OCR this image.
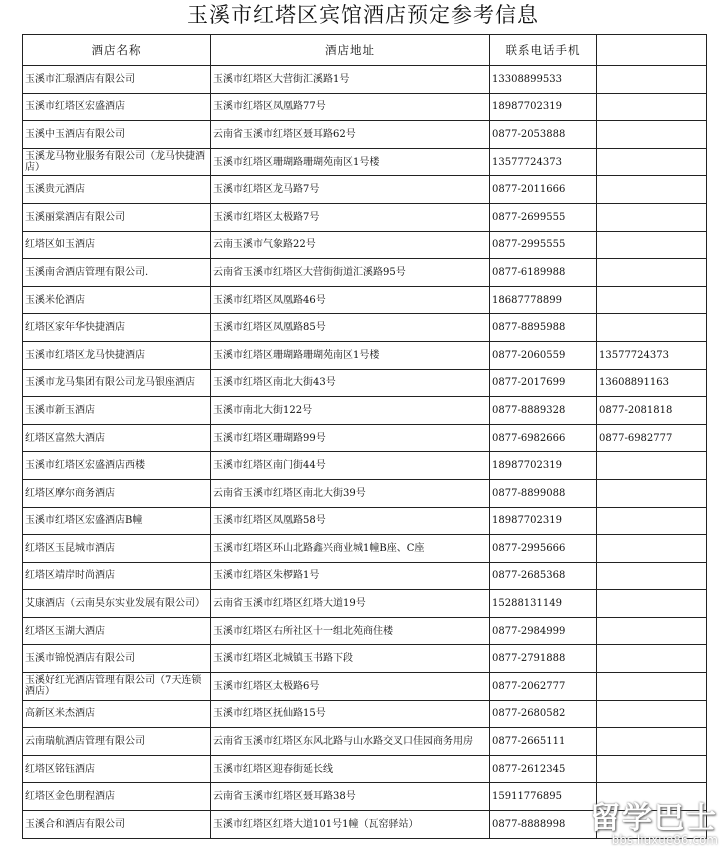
玉溪市红塔区宾馆酒店预定参考信息
酒店名称	酒店地址	联系电话手机	
玉溪市汇璟酒店有限公司	玉溪市红塔区大营街汇溪路1号	13308899533	
玉溪市红塔区宏盛酒店	玉溪市红塔区凤凰路77号	18987702319	
玉溪中玉酒店有限公司	云南省玉溪市红塔区聂耳路62号	0877-2053888	
玉溪龙马物业服务有限公司（龙马快捷酒店）	玉溪市红塔区珊瑚路珊瑚苑南区1号楼	13577724373	
玉溪贵元酒店	玉溪市红塔区龙马路7号	0877-2011666	
玉溪丽棠酒店有限公司	玉溪市红塔区太极路7号	0877-2699555	
红塔区如玉酒店	云南玉溪市气象路22号	0877-2995555	
玉溪南舍酒店管理有限公司.	云南省玉溪市红塔区大营街街道汇溪路95号	0877-6189988	
玉溪米伦酒店	玉溪市红塔区凤凰路46号	18687778899	
红塔区家年华快捷酒店	玉溪市红塔区凤凰路85号	0877-8895988	
玉溪市红塔区龙马快捷酒店	玉溪市红塔区珊瑚路珊瑚苑南区1号楼	0877-2060559	13577724373
玉溪市龙马集团有限公司龙马银座酒店	玉溪市红塔区南北大街43号	0877-2017699	13608891163
玉溪市新玉酒店	玉溪市南北大街122号	0877-8889328	0877-2081818
红塔区富然大酒店	玉溪市红塔区珊瑚路99号	0877-6982666	0877-6982777
玉溪市红塔区宏盛酒店西楼	玉溪市红塔区南门街44号	18987702319	
红塔区摩尔商务酒店	云南省玉溪市红塔区南北大街39号	0877-8899088	
玉溪市红塔区宏盛酒店B幢	玉溪市红塔区凤凰路58号	18987702319	
红塔区玉昆城市酒店	玉溪市红塔区环山北路鑫兴商业城1幢B座、C座	0877-2995666	
红塔区靖岸时尚酒店	玉溪市红塔区朱椤路1号	0877-2685368	
艾康酒店（云南昊东实业发展有限公司）	云南省玉溪市红塔区红塔大道19号	15288131149	
红塔区玉湖大酒店	玉溪市红塔区右所社区十一组北苑商住楼	0877-2984999	
玉溪市锦悦酒店有限公司	玉溪市红塔区北城镇玉书路下段	0877-2791888	
玉溪好红光酒店管理有限公司（7天连锁酒店）	玉溪市红塔区太极路6号	0877-2062777	
高新区米杰酒店	玉溪市红塔区抚仙路15号	0877-2680582	
云南瑞航酒店管理有限公司	云南省玉溪市红塔区东风北路与山水路交叉口佳园商务用房	0877-2665111	
红塔区铭钰酒店	玉溪市红塔区迎春街延长线	0877-2612345	
红塔区金色朋程酒店	云南省玉溪市红塔区聂耳路38号	15911776895	
玉溪合和酒店有限公司	玉溪市红塔区红塔大道101号1幢（瓦窑驿站）	0877-8888998	留学巴士
bbs.liuxue86.com
